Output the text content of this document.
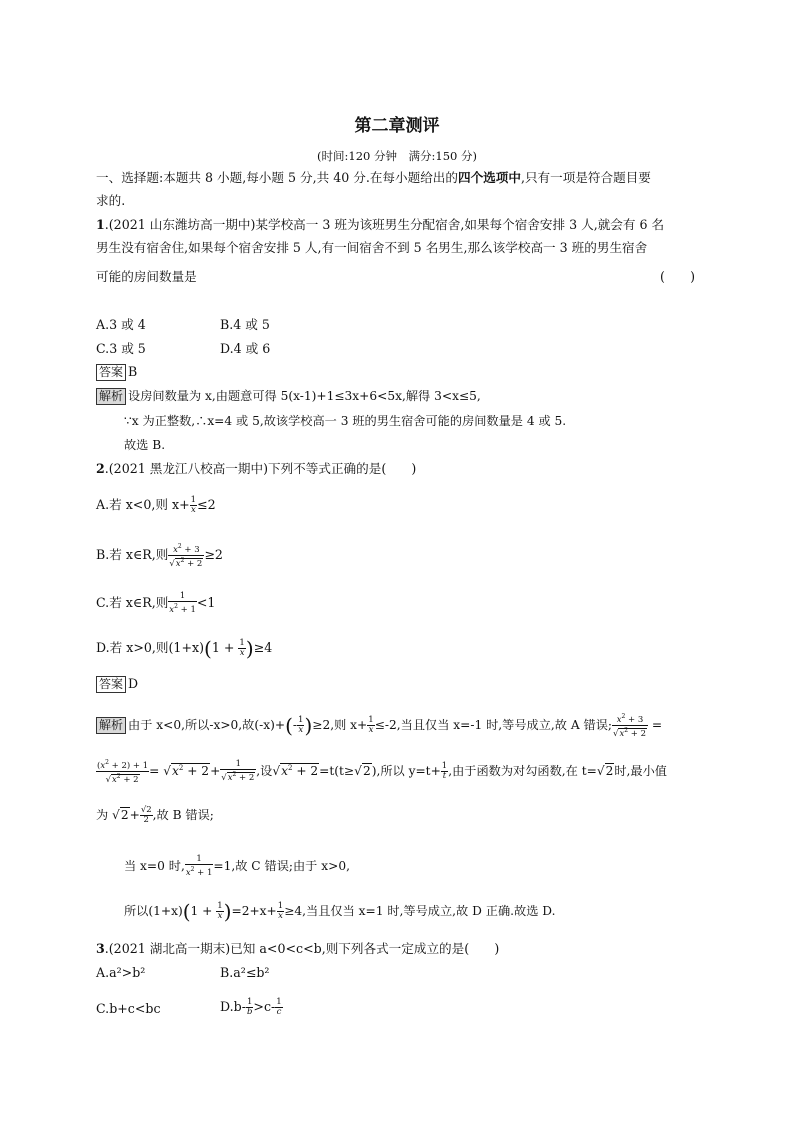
第二章测评
(时间:120 分钟　满分:150 分)
一、选择题:本题共 8 小题,每小题 5 分,共 40 分.在每小题给出的四个选项中,只有一项是符合题目要
求的.
1.(2021 山东潍坊高一期中)某学校高一 3 班为该班男生分配宿舍,如果每个宿舍安排 3 人,就会有 6 名
男生没有宿舍住,如果每个宿舍安排 5 人,有一间宿舍不到 5 名男生,那么该学校高一 3 班的男生宿舍
可能的房间数量是	(　　)
A.3 或 4	B.4 或 5
C.3 或 5	D.4 或 6
答案 B
解析 设房间数量为 x,由题意可得 5(x-1)+1≤3x+6<5x,解得 3<x≤5,
∵x 为正整数,∴x=4 或 5,故该学校高一 3 班的男生宿舍可能的房间数量是 4 或 5.
故选 B.
2.(2021 黑龙江八校高一期中)下列不等式正确的是(　　)
A.若 x<0,则 $x+ \frac{1}{x} \le 2$
B.若 x∈R,则 $\frac{x^2 + 3}{√x^2 + 2} \ge 2$
C.若 x∈R,则 $\frac{1}{x^2 + 1} <1$
D.若 x>0,则$(1+x)(1 + \frac{1}{x} )\ge 4$
答案 D
解析 由于 x<0,所以-x>0,故$(-x)+(- \frac{1}{x} )\ge 2$,则 $x+ \frac{1}{x} \le-2$,当且仅当 x=-1 时,等号成立,故 A 错误; $\frac{x^2 + 3}{√x^2 + 2}$ =
$\frac{(x^2 + 2) + 1}{√x^2 + 2} = √x^2 + 2+ \frac{1}{√x^2 + 2}$ ,设$√x^2 + 2=t(t\ge√2)$,所以 $y=t+ \frac{1}{t}$ ,由于函数为对勾函数,在 t=√2时,最小值
为 $√2+ \frac{√2}{2}$ ,故 B 错误;
当 x=0 时, $\frac{1}{x^2 + 1} =1$,故 C 错误;由于 x>0,
所以$(1+x)(1 + \frac{1}{x} )=2+x+ \frac{1}{x} \ge 4$,当且仅当 x=1 时,等号成立,故 D 正确.故选 D.
3.(2021 湖北高一期末)已知 a<0<c<b,则下列各式一定成立的是(　　)
A.a²>b²	B.a²≤b²
C.b+c<bc	$D.b- \frac{1}{b} >c- \frac{1}{c}$
